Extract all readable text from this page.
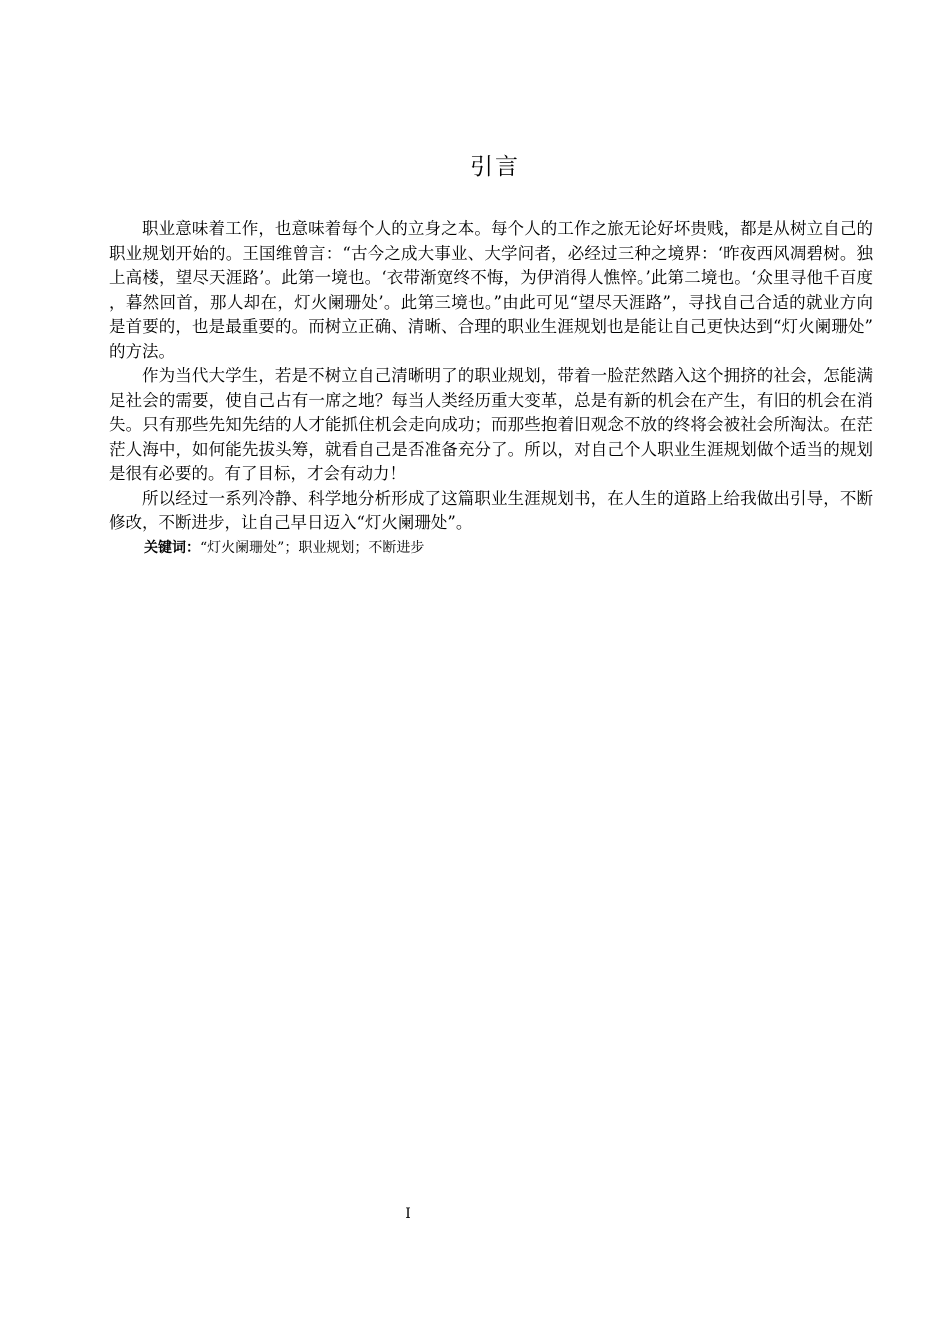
引言

职业意味着工作，也意味着每个人的立身之本。每个人的工作之旅无论好坏贵贱，都是从树立自己的职业规划开始的。王国维曾言：“古今之成大事业、大学问者，必经过三种之境界：‘昨夜西风凋碧树。独上高楼，望尽天涯路’。此第一境也。‘衣带渐宽终不悔，为伊消得人憔悴。’此第二境也。‘众里寻他千百度，暮然回首，那人却在，灯火阑珊处’。此第三境也。”由此可见“望尽天涯路”，寻找自己合适的就业方向是首要的，也是最重要的。而树立正确、清晰、合理的职业生涯规划也是能让自己更快达到“灯火阑珊处”的方法。

作为当代大学生，若是不树立自己清晰明了的职业规划，带着一脸茫然踏入这个拥挤的社会，怎能满足社会的需要，使自己占有一席之地？每当人类经历重大变革，总是有新的机会在产生，有旧的机会在消失。只有那些先知先结的人才能抓住机会走向成功；而那些抱着旧观念不放的终将会被社会所淘汰。在茫茫人海中，如何能先拔头筹，就看自己是否准备充分了。所以，对自己个人职业生涯规划做个适当的规划是很有必要的。有了目标，才会有动力！

所以经过一系列冷静、科学地分析形成了这篇职业生涯规划书，在人生的道路上给我做出引导，不断修改，不断进步，让自己早日迈入“灯火阑珊处”。

关键词：“灯火阑珊处”；职业规划；不断进步

I
